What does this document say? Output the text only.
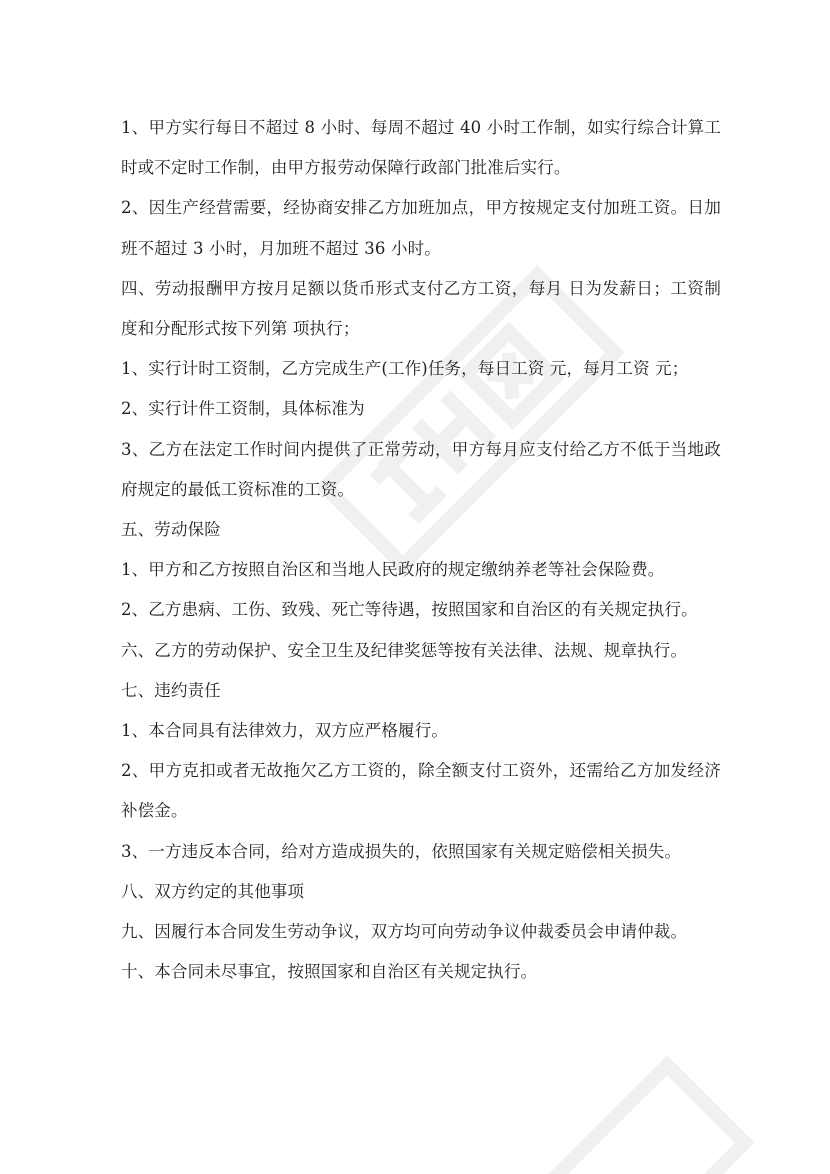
1、甲方实行每日不超过 8 小时、每周不超过 40 小时工作制，如实行综合计算工时或不定时工作制，由甲方报劳动保障行政部门批准后实行。

2、因生产经营需要，经协商安排乙方加班加点，甲方按规定支付加班工资。日加班不超过 3 小时，月加班不超过 36 小时。

四、劳动报酬甲方按月足额以货币形式支付乙方工资，每月 日为发薪日；工资制度和分配形式按下列第 项执行；

1、实行计时工资制，乙方完成生产(工作)任务，每日工资 元，每月工资 元；

2、实行计件工资制，具体标准为

3、乙方在法定工作时间内提供了正常劳动，甲方每月应支付给乙方不低于当地政府规定的最低工资标准的工资。

五、劳动保险

1、甲方和乙方按照自治区和当地人民政府的规定缴纳养老等社会保险费。

2、乙方患病、工伤、致残、死亡等待遇，按照国家和自治区的有关规定执行。

六、乙方的劳动保护、安全卫生及纪律奖惩等按有关法律、法规、规章执行。

七、违约责任

1、本合同具有法律效力，双方应严格履行。

2、甲方克扣或者无故拖欠乙方工资的，除全额支付工资外，还需给乙方加发经济补偿金。

3、一方违反本合同，给对方造成损失的，依照国家有关规定赔偿相关损失。

八、双方约定的其他事项

九、因履行本合同发生劳动争议，双方均可向劳动争议仲裁委员会申请仲裁。

十、本合同未尽事宜，按照国家和自治区有关规定执行。
